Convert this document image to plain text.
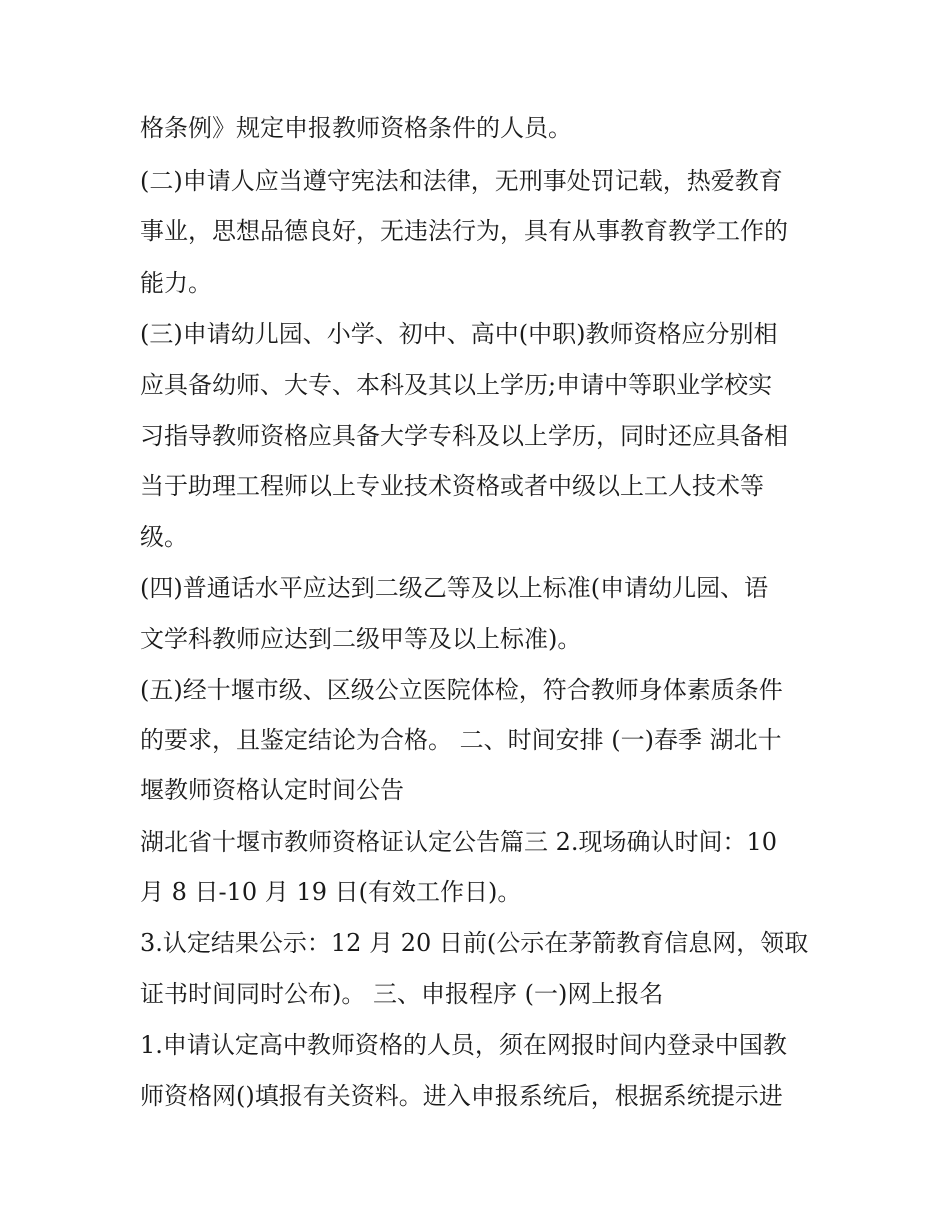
格条例》规定申报教师资格条件的人员。
(二)申请人应当遵守宪法和法律，无刑事处罚记载，热爱教育
事业，思想品德良好，无违法行为，具有从事教育教学工作的
能力。
(三)申请幼儿园、小学、初中、高中(中职)教师资格应分别相
应具备幼师、大专、本科及其以上学历;申请中等职业学校实
习指导教师资格应具备大学专科及以上学历，同时还应具备相
当于助理工程师以上专业技术资格或者中级以上工人技术等
级。
(四)普通话水平应达到二级乙等及以上标准(申请幼儿园、语
文学科教师应达到二级甲等及以上标准)。
(五)经十堰市级、区级公立医院体检，符合教师身体素质条件
的要求，且鉴定结论为合格。 二、时间安排 (一)春季 湖北十
堰教师资格认定时间公告
湖北省十堰市教师资格证认定公告篇三 2.现场确认时间：10
月 8 日-10 月 19 日(有效工作日)。
3.认定结果公示：12 月 20 日前(公示在茅箭教育信息网，领取
证书时间同时公布)。 三、申报程序 (一)网上报名
1.申请认定高中教师资格的人员，须在网报时间内登录中国教
师资格网()填报有关资料。进入申报系统后，根据系统提示进
